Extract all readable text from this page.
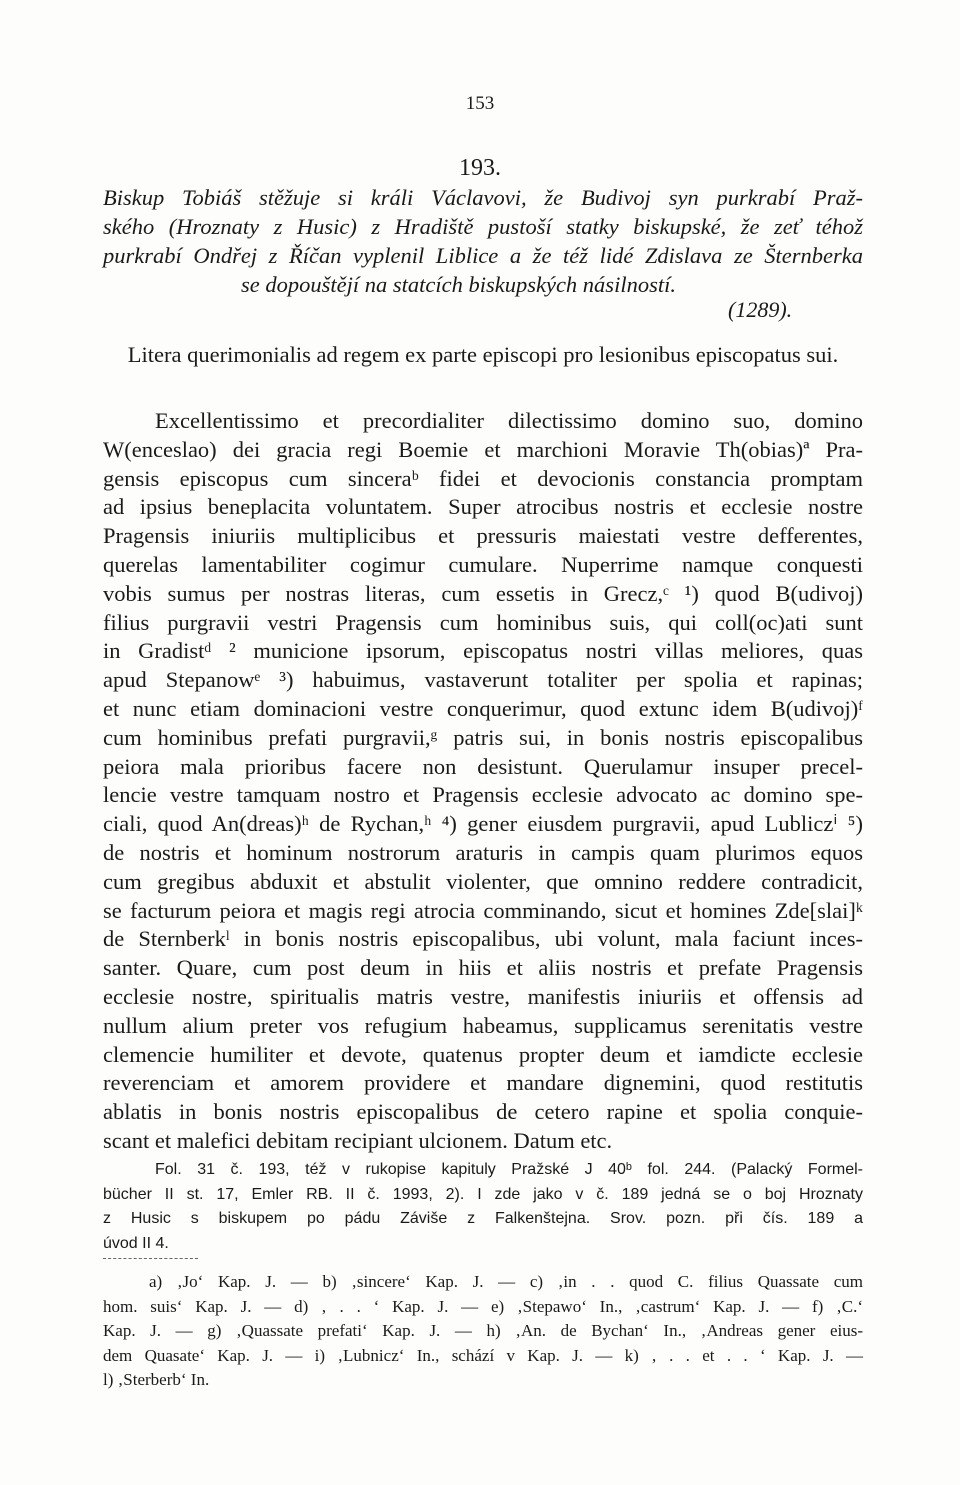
153
193.
Biskup Tobiáš stěžuje si králi Václavovi, že Budivoj syn purkrabí Praž-
ského (Hroznaty z Husic) z Hradiště pustoší statky biskupské, že zeť téhož
purkrabí Ondřej z Říčan vyplenil Liblice a že též lidé Zdislava ze Šternberka
se dopouštějí na statcích biskupských násilností.
(1289).
Litera querimonialis ad regem ex parte episcopi pro lesionibus episcopatus sui.
Excellentissimo et precordialiter dilectissimo domino suo, domino
W(enceslao) dei gracia regi Boemie et marchioni Moravie Th(obias)ª Pra-
gensis episcopus cum sinceraᵇ fidei et devocionis constancia promptam
ad ipsius beneplacita voluntatem. Super atrocibus nostris et ecclesie nostre
Pragensis iniuriis multiplicibus et pressuris maiestati vestre defferentes,
querelas lamentabiliter cogimur cumulare. Nuperrime namque conquesti
vobis sumus per nostras literas, cum essetis in Grecz,ᶜ ¹) quod B(udivoj)
filius purgravii vestri Pragensis cum hominibus suis, qui coll(oc)ati sunt
in Gradistᵈ ² municione ipsorum, episcopatus nostri villas meliores, quas
apud Stepanowᵉ ³) habuimus, vastaverunt totaliter per spolia et rapinas;
et nunc etiam dominacioni vestre conquerimur, quod extunc idem B(udivoj)ᶠ
cum hominibus prefati purgravii,ᵍ patris sui, in bonis nostris episcopalibus
peiora mala prioribus facere non desistunt. Querulamur insuper precel-
lencie vestre tamquam nostro et Pragensis ecclesie advocato ac domino spe-
ciali, quod An(dreas)ʰ de Rychan,ʰ ⁴) gener eiusdem purgravii, apud Lubliczⁱ ⁵)
de nostris et hominum nostrorum araturis in campis quam plurimos equos
cum gregibus abduxit et abstulit violenter, que omnino reddere contradicit,
se facturum peiora et magis regi atrocia comminando, sicut et homines Zde[slai]ᵏ
de Sternberkˡ in bonis nostris episcopalibus, ubi volunt, mala faciunt inces-
santer. Quare, cum post deum in hiis et aliis nostris et prefate Pragensis
ecclesie nostre, spiritualis matris vestre, manifestis iniuriis et offensis ad
nullum alium preter vos refugium habeamus, supplicamus serenitatis vestre
clemencie humiliter et devote, quatenus propter deum et iamdicte ecclesie
reverenciam et amorem providere et mandare dignemini, quod restitutis
ablatis in bonis nostris episcopalibus de cetero rapine et spolia conquie-
scant et malefici debitam recipiant ulcionem. Datum etc.
Fol. 31 č. 193, též v rukopise kapituly Pražské J 40ᵇ fol. 244. (Palacký Formel-
bücher II st. 17, Emler RB. II č. 1993, 2). I zde jako v č. 189 jedná se o boj Hroznaty
z Husic s biskupem po pádu Záviše z Falkenštejna. Srov. pozn. při čís. 189 a
úvod II 4.
a) ‚Jo‘ Kap. J. — b) ‚sincere‘ Kap. J. — c) ‚in . . quod C. filius Quassate cum
hom. suis‘ Kap. J. — d) ‚ . . ‘ Kap. J. — e) ‚Stepawo‘ In., ‚castrum‘ Kap. J. — f) ‚C.‘
Kap. J. — g) ‚Quassate prefati‘ Kap. J. — h) ‚An. de Bychan‘ In., ‚Andreas gener eius-
dem Quasate‘ Kap. J. — i) ‚Lubnicz‘ In., schází v Kap. J. — k) ‚ . . et . . ‘ Kap. J. —
l) ‚Sterberb‘ In.
